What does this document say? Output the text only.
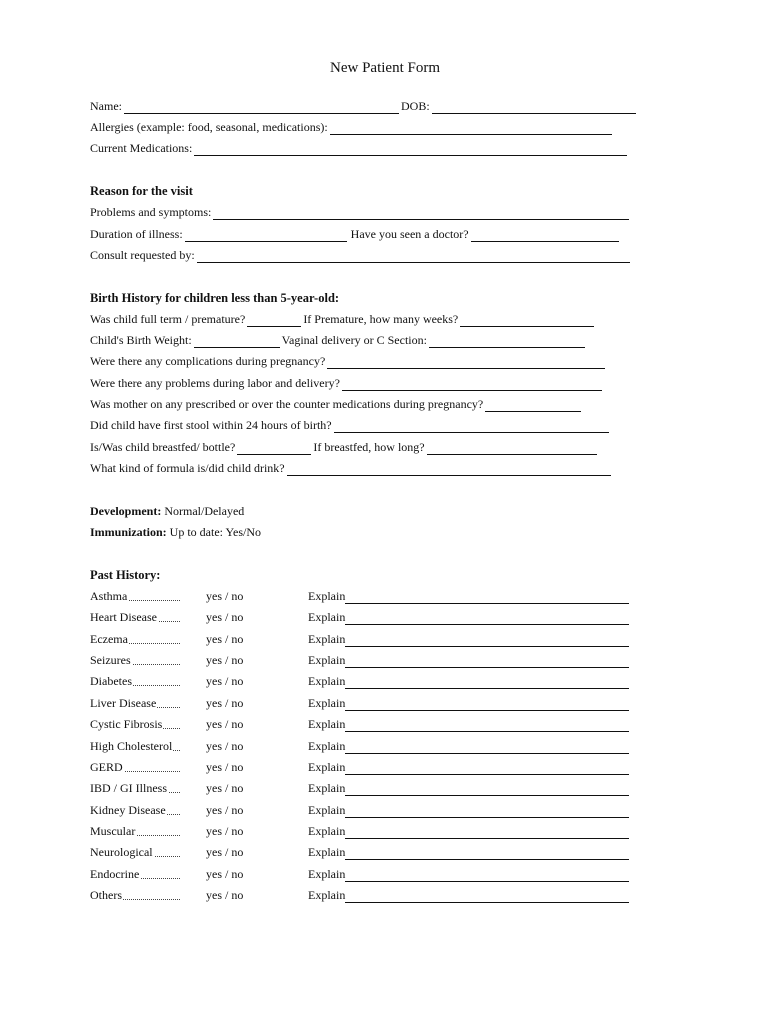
New Patient Form
Name:	DOB:
Allergies (example: food, seasonal, medications):
Current Medications:
Reason for the visit
Problems and symptoms:
Duration of illness:	Have you seen a doctor?
Consult requested by:
Birth History for children less than 5-year-old:
Was child full term / premature?	If Premature, how many weeks?
Child's Birth Weight:	Vaginal delivery or C Section:
Were there any complications during pregnancy?
Were there any problems during labor and delivery?
Was mother on any prescribed or over the counter medications during pregnancy?
Did child have first stool within 24 hours of birth?
Is/Was child breastfed/ bottle?	If breastfed, how long?
What kind of formula is/did child drink?
Development: Normal/Delayed
Immunization: Up to date: Yes/No
Past History:
Asthma	yes / no	Explain
Heart Disease	yes / no	Explain
Eczema	yes / no	Explain
Seizures	yes / no	Explain
Diabetes	yes / no	Explain
Liver Disease	yes / no	Explain
Cystic Fibrosis	yes / no	Explain
High Cholesterol	yes / no	Explain
GERD	yes / no	Explain
IBD / GI Illness	yes / no	Explain
Kidney Disease	yes / no	Explain
Muscular	yes / no	Explain
Neurological	yes / no	Explain
Endocrine	yes / no	Explain
Others	yes / no	Explain
